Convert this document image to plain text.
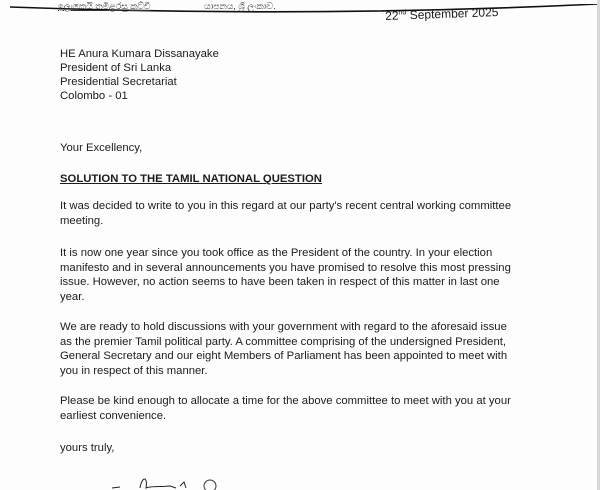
ඉලංකෙයි තමිළරසු කට්චි	යාපනය, ශ්‍රී ලංකාව.
22nd September 2025
HE Anura Kumara Dissanayake
President of Sri Lanka
Presidential Secretariat
Colombo - 01
Your Excellency,
SOLUTION TO THE TAMIL NATIONAL QUESTION
It was decided to write to you in this regard at our party's recent central working committee
meeting.
It is now one year since you took office as the President of the country. In your election
manifesto and in several announcements you have promised to resolve this most pressing
issue. However, no action seems to have been taken in respect of this matter in last one
year.
We are ready to hold discussions with your government with regard to the aforesaid issue
as the premier Tamil political party. A committee comprising of the undersigned President,
General Secretary and our eight Members of Parliament has been appointed to meet with
you in respect of this manner.
Please be kind enough to allocate a time for the above committee to meet with you at your
earliest convenience.
yours truly,
